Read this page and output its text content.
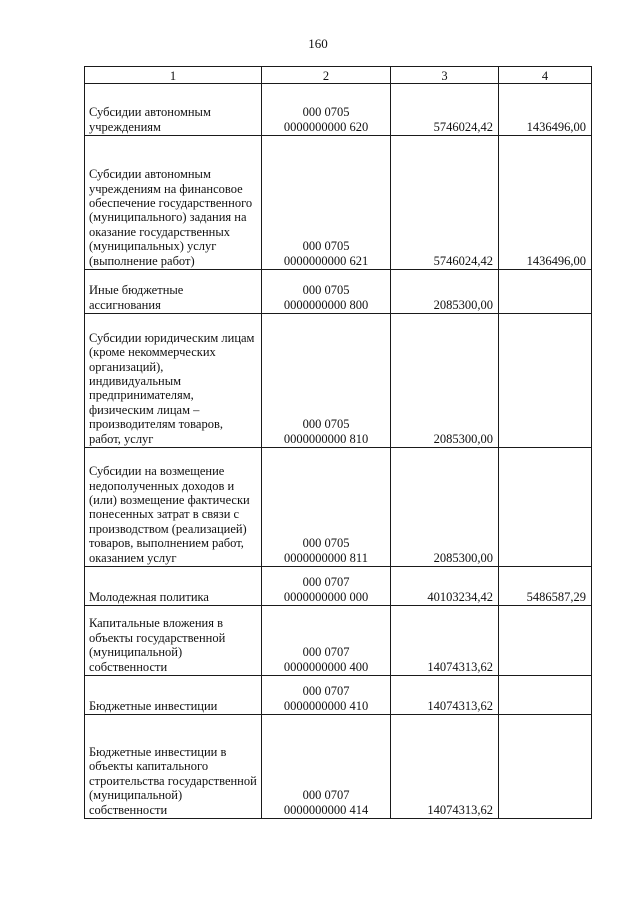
160
1	2	3	4
Субсидии автономным учреждениям	000 0705
0000000000 620	5746024,42	1436496,00
Субсидии автономным учреждениям на финансовое обеспечение государственного (муниципального) задания на оказание государственных (муниципальных) услуг (выполнение работ)	000 0705
0000000000 621	5746024,42	1436496,00
Иные бюджетные ассигнования	000 0705
0000000000 800	2085300,00	
Субсидии юридическим лицам (кроме некоммерческих организаций), индивидуальным предпринимателям, физическим лицам – производителям товаров, работ, услуг	000 0705
0000000000 810	2085300,00	
Субсидии на возмещение недополученных доходов и (или) возмещение фактически понесенных затрат в связи с производством (реализацией) товаров, выполнением работ, оказанием услуг	000 0705
0000000000 811	2085300,00	
Молодежная политика	000 0707
0000000000 000	40103234,42	5486587,29
Капитальные вложения в объекты государственной (муниципальной) собственности	000 0707
0000000000 400	14074313,62	
Бюджетные инвестиции	000 0707
0000000000 410	14074313,62	
Бюджетные инвестиции в объекты капитального строительства государственной (муниципальной) собственности	000 0707
0000000000 414	14074313,62	
